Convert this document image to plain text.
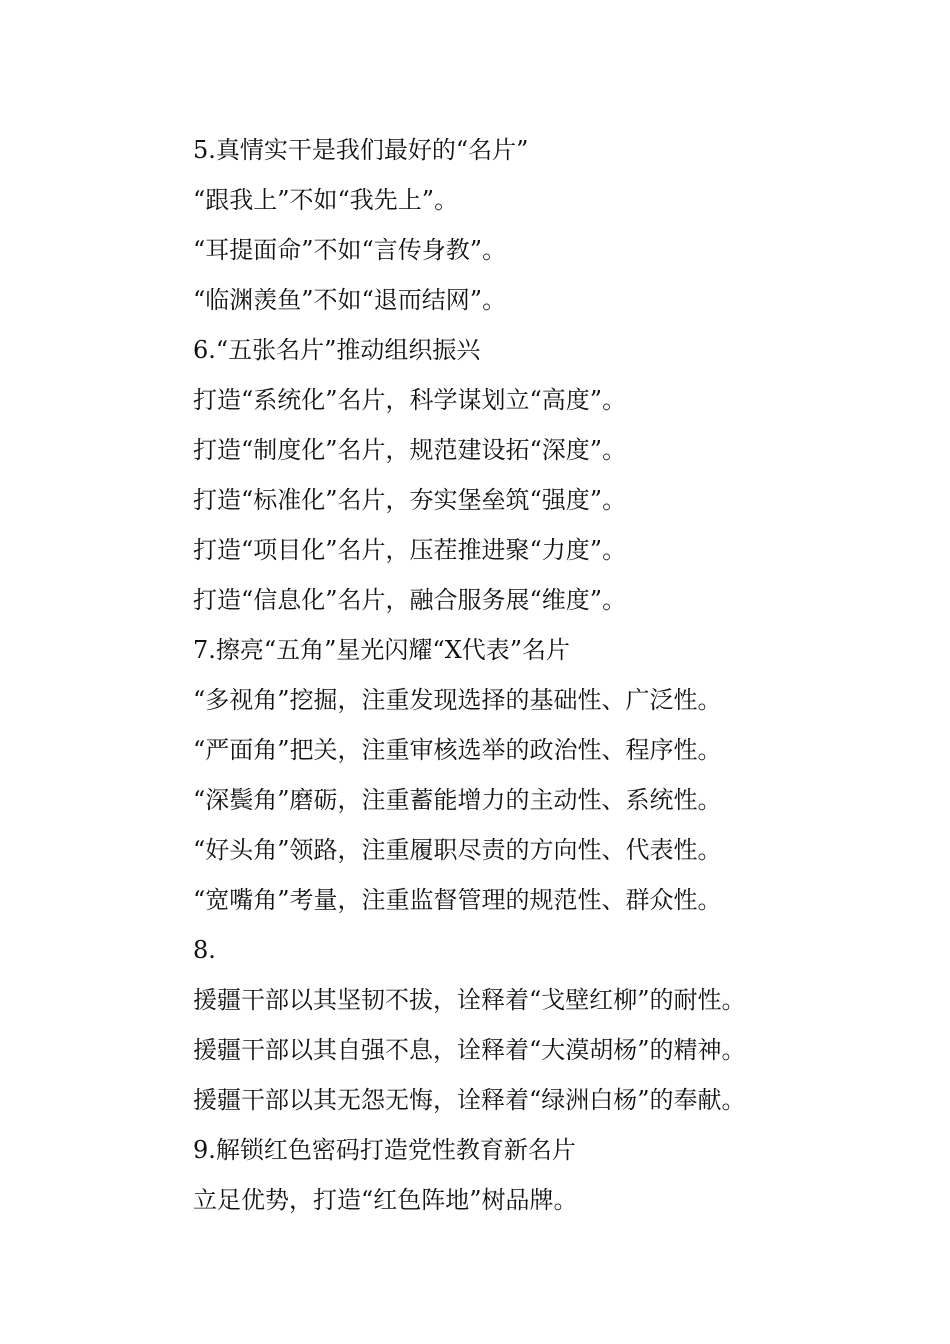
5.真情实干是我们最好的“名片”
“跟我上”不如“我先上”。
“耳提面命”不如“言传身教”。
“临渊羡鱼”不如“退而结网”。
6.“五张名片”推动组织振兴
打造“系统化”名片，科学谋划立“高度”。
打造“制度化”名片，规范建设拓“深度”。
打造“标准化”名片，夯实堡垒筑“强度”。
打造“项目化”名片，压茬推进聚“力度”。
打造“信息化”名片，融合服务展“维度”。
7.擦亮“五角”星光闪耀“X代表”名片
“多视角”挖掘，注重发现选择的基础性、广泛性。
“严面角”把关，注重审核选举的政治性、程序性。
“深鬓角”磨砺，注重蓄能增力的主动性、系统性。
“好头角”领路，注重履职尽责的方向性、代表性。
“宽嘴角”考量，注重监督管理的规范性、群众性。
8.
援疆干部以其坚韧不拔，诠释着“戈壁红柳”的耐性。
援疆干部以其自强不息，诠释着“大漠胡杨”的精神。
援疆干部以其无怨无悔，诠释着“绿洲白杨”的奉献。
9.解锁红色密码打造党性教育新名片
立足优势，打造“红色阵地”树品牌。
